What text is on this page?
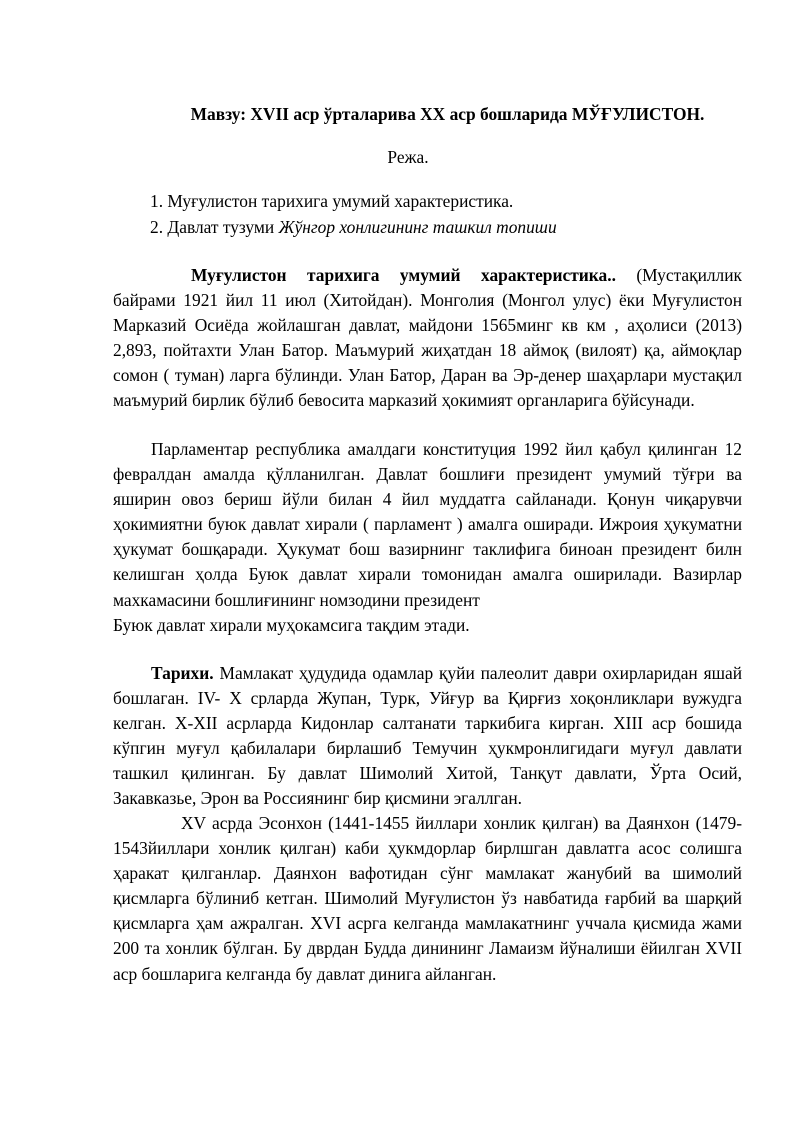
Мавзу: XVII аср ўрталарива XX аср бошларида МЎҒУЛИСТОН.
Режа.
1. Муғулистон тарихига умумий характеристика.
2. Давлат тузуми Жўнгор хонлигининг ташкил топиши

Муғулистон тарихига умумий характеристика.. (Мустақиллик байрами 1921 йил 11 июл (Хитойдан). Монголия (Монгол улус) ёки Муғулистон Марказий Осиёда жойлашган давлат, майдони 1565минг кв км , аҳолиси (2013) 2,893, пойтахти Улан Батор. Маъмурий жиҳатдан 18 аймоқ (вилоят) қа, аймоқлар сомон ( туман) ларга бўлинди. Улан Батор, Даран ва Эр-денер шаҳарлари мустақил маъмурий бирлик бўлиб бевосита марказий ҳокимият органларига бўйсунади.

Парламентар республика амалдаги конституция 1992 йил қабул қилинган 12 февралдан амалда қўлланилган. Давлат бошлиғи президент умумий тўғри ва яширин овоз бериш йўли билан 4 йил муддатга сайланади. Қонун чиқарувчи ҳокимиятни буюк давлат хирали ( парламент ) амалга оширади. Ижроия ҳукуматни ҳукумат бошқаради. Ҳукумат бош вазирнинг таклифига биноан президент билн келишган ҳолда Буюк давлат хирали томонидан амалга оширилади. Вазирлар махкамасини бошлиғининг номзодини президент

Буюк давлат хирали муҳокамсига тақдим этади.

Тарихи. Мамлакат ҳудудида одамлар қуйи палеолит даври охирларидан яшай бошлаган. IV- X срларда Жупан, Турк, Уйғур ва Қирғиз хоқонликлари вужудга келган. X-XII асрларда Кидонлар салтанати таркибига кирган. XIII аср бошида кўпгин муғул қабилалари бирлашиб Темучин ҳукмронлигидаги муғул давлати ташкил қилинган. Бу давлат Шимолий Хитой, Танқут давлати, Ўрта Осий, Закавказье, Эрон ва Россиянинг бир қисмини эгаллган.

XV асрда Эсонхон (1441-1455 йиллари хонлик қилган) ва Даянхон (1479-1543йиллари хонлик қилган) каби ҳукмдорлар бирлшган давлатга асос солишга ҳаракат қилганлар. Даянхон вафотидан сўнг мамлакат жанубий ва шимолий қисмларга бўлиниб кетган. Шимолий Муғулистон ўз навбатида ғарбий ва шарқий қисмларга ҳам ажралган. XVI асрга келганда мамлакатнинг уччала қисмида жами 200 та хонлик бўлган. Бу дврдан Будда динининг Ламаизм йўналиши ёйилган XVII аср бошларига келганда бу давлат динига айланган.
